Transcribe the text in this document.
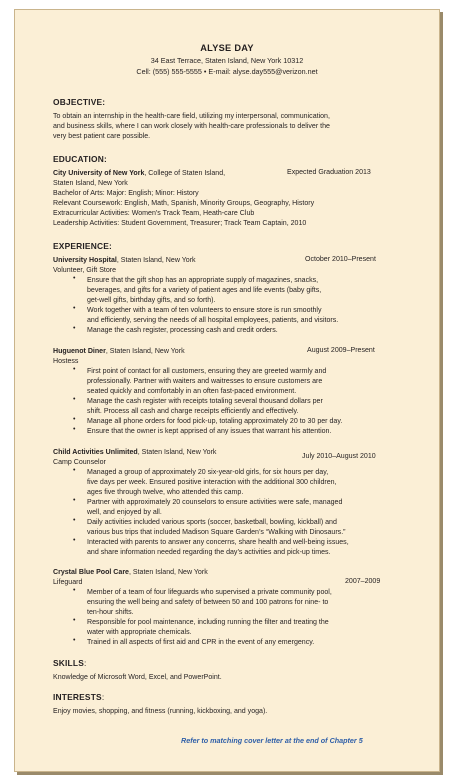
ALYSE DAY
34 East Terrace, Staten Island, New York 10312
Cell: (555) 555-5555 • E-mail: alyse.day555@verizon.net
OBJECTIVE:
To obtain an internship in the health-care field, utilizing my interpersonal, communication,
and business skills, where I can work closely with health-care professionals to deliver the
very best patient care possible.
EDUCATION:
City University of New York, College of Staten Island,	Expected Graduation 2013
Staten Island, New York
Bachelor of Arts: Major: English; Minor: History
Relevant Coursework: English, Math, Spanish, Minority Groups, Geography, History
Extracurricular Activities: Women’s Track Team, Heath-care Club
Leadership Activities: Student Government, Treasurer; Track Team Captain, 2010
EXPERIENCE:
University Hospital, Staten Island, New York	October 2010–Present
Volunteer, Gift Store
• Ensure that the gift shop has an appropriate supply of magazines, snacks,
beverages, and gifts for a variety of patient ages and life events (baby gifts,
get-well gifts, birthday gifts, and so forth).
• Work together with a team of ten volunteers to ensure store is run smoothly
and efficiently, serving the needs of all hospital employees, patients, and visitors.
• Manage the cash register, processing cash and credit orders.
Huguenot Diner, Staten Island, New York	August 2009–Present
Hostess
• First point of contact for all customers, ensuring they are greeted warmly and
professionally. Partner with waiters and waitresses to ensure customers are
seated quickly and comfortably in an often fast-paced environment.
• Manage the cash register with receipts totaling several thousand dollars per
shift. Process all cash and charge receipts efficiently and effectively.
• Manage all phone orders for food pick-up, totaling approximately 20 to 30 per day.
• Ensure that the owner is kept apprised of any issues that warrant his attention.
Child Activities Unlimited, Staten Island, New York
July 2010–August 2010
Camp Counselor
• Managed a group of approximately 20 six-year-old girls, for six hours per day,
five days per week. Ensured positive interaction with the additional 300 children,
ages five through twelve, who attended this camp.
• Partner with approximately 20 counselors to ensure activities were safe, managed
well, and enjoyed by all.
• Daily activities included various sports (soccer, basketball, bowling, kickball) and
various bus trips that included Madison Square Garden’s “Walking with Dinosaurs.”
• Interacted with parents to answer any concerns, share health and well-being issues,
and share information needed regarding the day’s activities and pick-up times.
Crystal Blue Pool Care, Staten Island, New York
2007–2009
Lifeguard
• Member of a team of four lifeguards who supervised a private community pool,
ensuring the well being and safety of between 50 and 100 patrons for nine- to
ten-hour shifts.
• Responsible for pool maintenance, including running the filter and treating the
water with appropriate chemicals.
• Trained in all aspects of first aid and CPR in the event of any emergency.
SKILLS:
Knowledge of Microsoft Word, Excel, and PowerPoint.
INTERESTS:
Enjoy movies, shopping, and fitness (running, kickboxing, and yoga).
Refer to matching cover letter at the end of Chapter 5
